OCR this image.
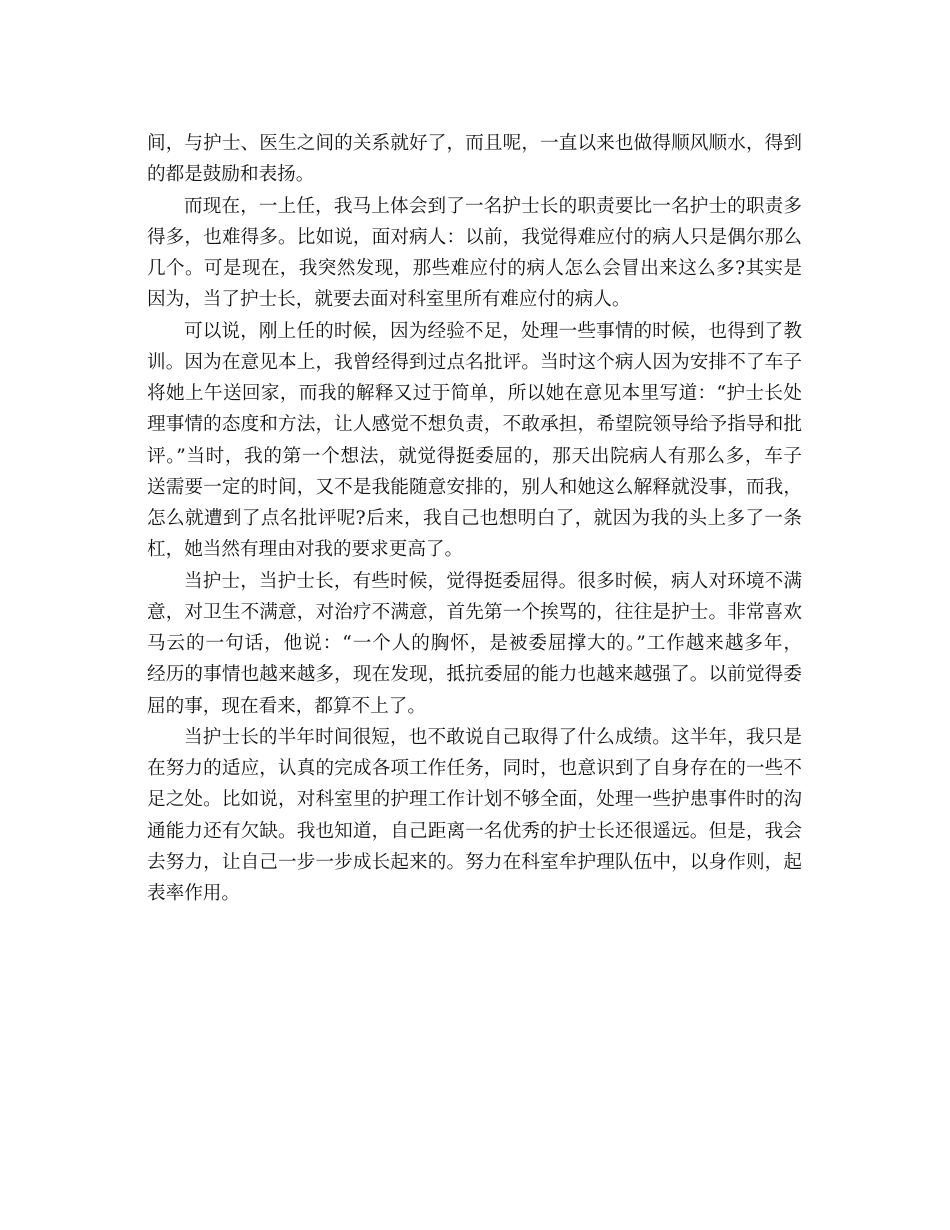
间，与护士、医生之间的关系就好了，而且呢，一直以来也做得顺风顺水，得到
的都是鼓励和表扬。
而现在，一上任，我马上体会到了一名护士长的职责要比一名护士的职责多
得多，也难得多。比如说，面对病人：以前，我觉得难应付的病人只是偶尔那么
几个。可是现在，我突然发现，那些难应付的病人怎么会冒出来这么多?其实是
因为，当了护士长，就要去面对科室里所有难应付的病人。
可以说，刚上任的时候，因为经验不足，处理一些事情的时候，也得到了教
训。因为在意见本上，我曾经得到过点名批评。当时这个病人因为安排不了车子
将她上午送回家，而我的解释又过于简单，所以她在意见本里写道：“护士长处
理事情的态度和方法，让人感觉不想负责，不敢承担，希望院领导给予指导和批
评。”当时，我的第一个想法，就觉得挺委屈的，那天出院病人有那么多，车子
送需要一定的时间，又不是我能随意安排的，别人和她这么解释就没事，而我，
怎么就遭到了点名批评呢?后来，我自己也想明白了，就因为我的头上多了一条
杠，她当然有理由对我的要求更高了。
当护士，当护士长，有些时候，觉得挺委屈得。很多时候，病人对环境不满
意，对卫生不满意，对治疗不满意，首先第一个挨骂的，往往是护士。非常喜欢
马云的一句话，他说：“一个人的胸怀，是被委屈撑大的。”工作越来越多年，
经历的事情也越来越多，现在发现，抵抗委屈的能力也越来越强了。以前觉得委
屈的事，现在看来，都算不上了。
当护士长的半年时间很短，也不敢说自己取得了什么成绩。这半年，我只是
在努力的适应，认真的完成各项工作任务，同时，也意识到了自身存在的一些不
足之处。比如说，对科室里的护理工作计划不够全面，处理一些护患事件时的沟
通能力还有欠缺。我也知道，自己距离一名优秀的护士长还很遥远。但是，我会
去努力，让自己一步一步成长起来的。努力在科室牟护理队伍中，以身作则，起
表率作用。
